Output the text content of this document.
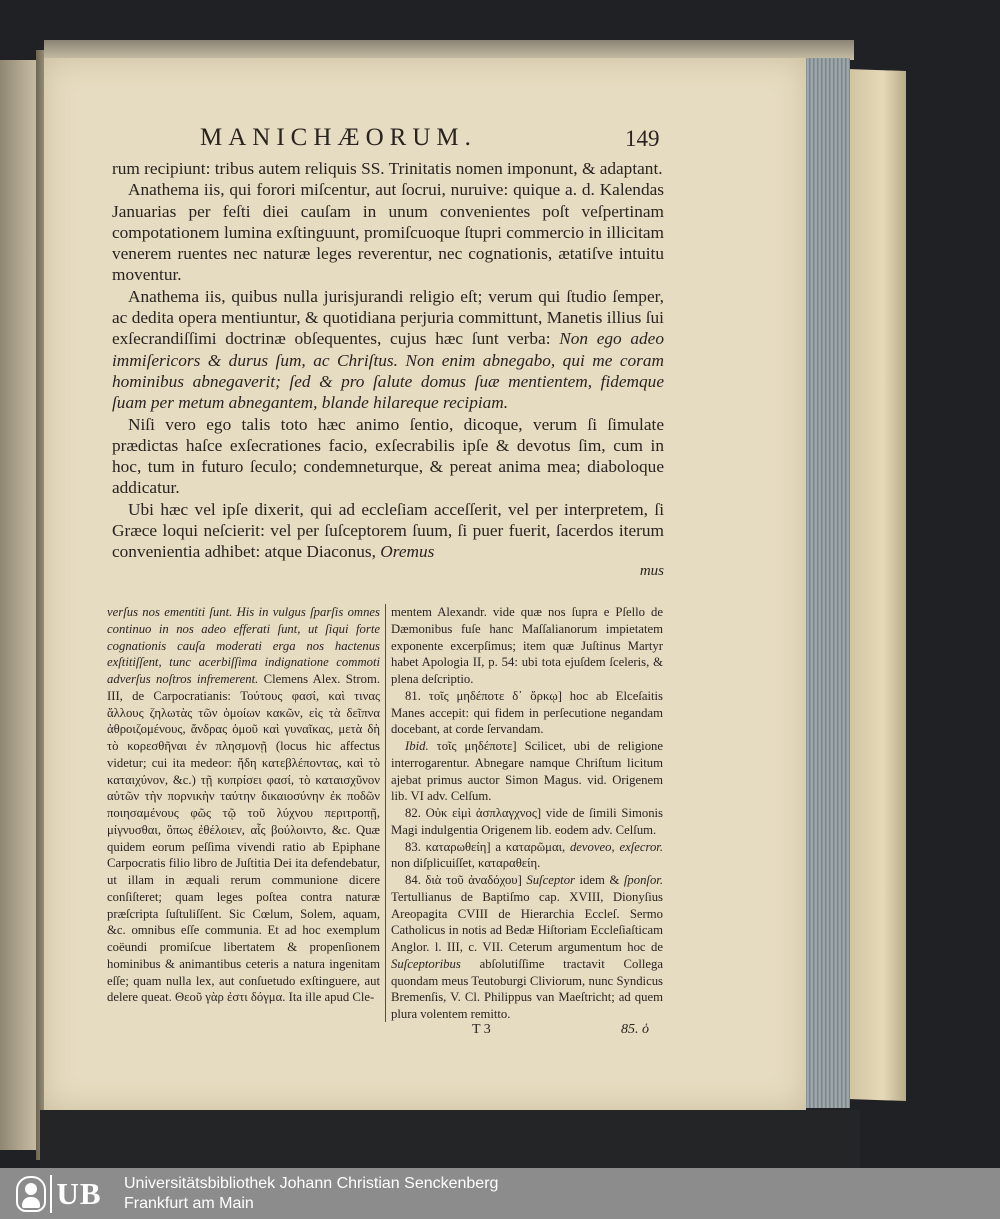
MANICHÆORUM.	149

rum recipiunt: tribus autem reliquis SS. Trinitatis nomen imponunt, & adaptant.

Anathema iis, qui forori miſcentur, aut ſocrui, nuruive: quique a. d. Kalendas Januarias per feſti diei cauſam in unum convenientes poſt veſpertinam compotationem lumina exſtinguunt, promiſcuoque ſtupri commercio in illicitam venerem ruentes nec naturæ leges reverentur, nec cognationis, ætatiſve intuitu moventur.

Anathema iis, quibus nulla jurisjurandi religio eſt; verum qui ſtudio ſemper, ac dedita opera mentiuntur, & quotidiana perjuria committunt, Manetis illius ſui exſecrandiſſimi doctrinæ obſequentes, cujus hæc ſunt verba: Non ego adeo immiſericors & durus ſum, ac Chriſtus. Non enim abnegabo, qui me coram hominibus abnegaverit; ſed & pro ſalute domus ſuæ mentientem, fidemque ſuam per metum abnegantem, blande hilareque recipiam.

Niſi vero ego talis toto hæc animo ſentio, dicoque, verum ſi ſimulate prædictas haſce exſecrationes facio, exſecrabilis ipſe & devotus ſim, cum in hoc, tum in futuro ſeculo; condemneturque, & pereat anima mea; diaboloque addicatur.

Ubi hæc vel ipſe dixerit, qui ad eccleſiam acceſſerit, vel per interpretem, ſi Græce loqui neſcierit: vel per ſuſceptorem ſuum, ſi puer fuerit, ſacerdos iterum convenientia adhibet: atque Diaconus, Oremus

mus

verſus nos ementiti ſunt. His in vulgus ſparſis omnes continuo in nos adeo efferati ſunt, ut ſiqui forte cognationis cauſa moderati erga nos hactenus exſtitiſſent, tunc acerbiſſima indignatione commoti adverſus noſtros infremerent. Clemens Alex. Strom. III, de Carpocratianis: Τούτους φασί, καὶ τινας ἄλλους ζηλωτὰς τῶν ὁμοίων κακῶν, εἰς τὰ δεῖπνα ἀθροιζομένους, ἄνδρας ὁμοῦ καὶ γυναῖκας, μετὰ δὴ τὸ κορεσθῆναι ἐν πλησμονῇ (locus hic affectus videtur; cui ita medeor: ἤδη κατεβλέποντας, καὶ τὸ καταιχύνον, &c.) τῇ κυπρίσει φασί, τὸ καταισχῦνον αὐτῶν τὴν πορνικὴν ταύτην δικαιοσύνην ἐκ ποδῶν ποιησαμένους φῶς τῷ τοῦ λύχνου περιτροπῇ, μίγνυσθαι, ὅπως ἐθέλοιεν, αἷς βούλοιντο, &c. Quæ quidem eorum peſſima vivendi ratio ab Epiphane Carpocratis filio libro de Juſtitia Dei ita defendebatur, ut illam in æquali rerum communione dicere conſiſteret; quam leges poſtea contra naturæ præſcripta ſuſtuliſſent. Sic Cœlum, Solem, aquam, &c. omnibus eſſe communia. Et ad hoc exemplum coëundi promiſcue libertatem & propenſionem hominibus & animantibus ceteris a natura ingenitam eſſe; quam nulla lex, aut conſuetudo exſtinguere, aut delere queat. Θεοῦ γὰρ ἐστι δόγμα. Ita ille apud Cle-

mentem Alexandr. vide quæ nos ſupra e Pſello de Dæmonibus fuſe hanc Maſſalianorum impietatem exponente excerpſimus; item quæ Juſtinus Martyr habet Apologia II, p. 54: ubi tota ejuſdem ſceleris, & plena deſcriptio.

81. τοῖς μηδέποτε δ᾽ ὄρκῳ] hoc ab Elceſaitis Manes accepit: qui fidem in perſecutione negandam docebant, at corde ſervandam.

Ibid. τοῖς μηδέποτε] Scilicet, ubi de religione interrogarentur. Abnegare namque Chriſtum licitum ajebat primus auctor Simon Magus. vid. Origenem lib. VI adv. Celſum.

82. Οὐκ εἰμὶ ἀσπλαγχνος] vide de ſimili Simonis Magi indulgentia Origenem lib. eodem adv. Celſum.

83. καταρωθείη] a καταρῶμαι, devoveo, exſecror. non diſplicuiſſet, καταραθείη.

84. διὰ τοῦ ἀναδόχου] Suſceptor idem & ſponſor. Tertullianus de Baptiſmo cap. XVIII, Dionyſius Areopagita CVIII de Hierarchia Eccleſ. Sermo Catholicus in notis ad Bedæ Hiſtoriam Eccleſiaſticam Anglor. l. III, c. VII. Ceterum argumentum hoc de Suſceptoribus abſolutiſſime tractavit Collega quondam meus Teutoburgi Cliviorum, nunc Syndicus Bremenſis, V. Cl. Philippus van Maeſtricht; ad quem plura volentem remitto.

T 3	85. ὁ
UB Universitätsbibliothek Johann Christian Senckenberg
Frankfurt am Main
